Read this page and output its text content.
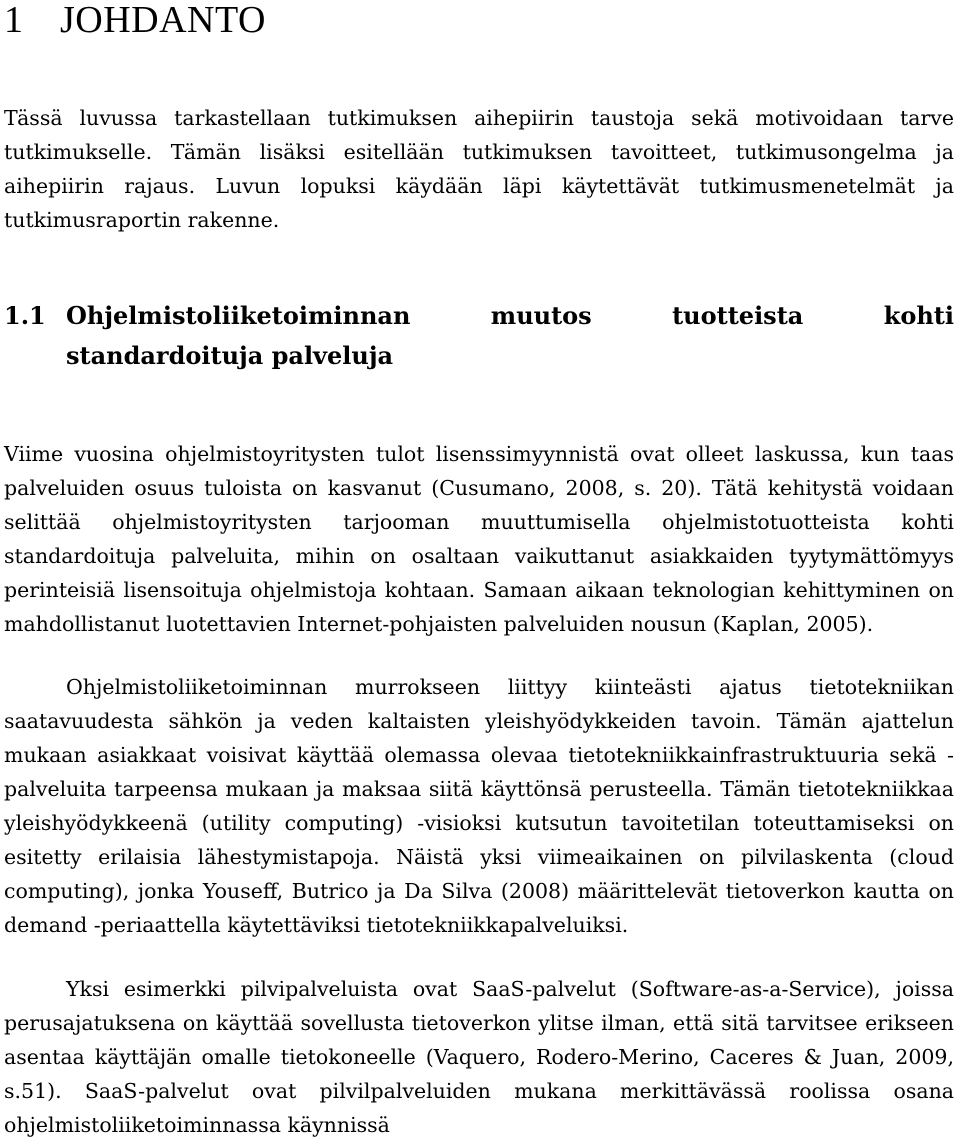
1 JOHDANTO

Tässä luvussa tarkastellaan tutkimuksen aihepiirin taustoja sekä motivoidaan tarve tutkimukselle. Tämän lisäksi esitellään tutkimuksen tavoitteet, tutkimusongelma ja aihepiirin rajaus. Luvun lopuksi käydään läpi käytettävät tutkimusmenetelmät ja tutkimusraportin rakenne.

1.1 Ohjelmistoliiketoiminnan	muutos	tuotteista	kohti
standardoituja palveluja

Viime vuosina ohjelmistoyritysten tulot lisenssimyynnistä ovat olleet laskussa, kun taas palveluiden osuus tuloista on kasvanut (Cusumano, 2008, s. 20). Tätä kehitystä voidaan selittää ohjelmistoyritysten tarjooman muuttumisella ohjelmistotuotteista kohti standardoituja palveluita, mihin on osaltaan vaikuttanut asiakkaiden tyytymättömyys perinteisiä lisensoituja ohjelmistoja kohtaan. Samaan aikaan teknologian kehittyminen on mahdollistanut luotettavien Internet-pohjaisten palveluiden nousun (Kaplan, 2005).

Ohjelmistoliiketoiminnan murrokseen liittyy kiinteästi ajatus tietotekniikan saatavuudesta sähkön ja veden kaltaisten yleishyödykkeiden tavoin. Tämän ajattelun mukaan asiakkaat voisivat käyttää olemassa olevaa tietotekniikkainfrastruktuuria sekä -palveluita tarpeensa mukaan ja maksaa siitä käyttönsä perusteella. Tämän tietotekniikkaa yleishyödykkeenä (utility computing) -visioksi kutsutun tavoitetilan toteuttamiseksi on esitetty erilaisia lähestymistapoja. Näistä yksi viimeaikainen on pilvilaskenta (cloud computing), jonka Youseff, Butrico ja Da Silva (2008) määrittelevät tietoverkon kautta on demand -periaattella käytettäviksi tietotekniikkapalveluiksi.

Yksi esimerkki pilvipalveluista ovat SaaS-palvelut (Software-as-a-Service), joissa perusajatuksena on käyttää sovellusta tietoverkon ylitse ilman, että sitä tarvitsee erikseen asentaa käyttäjän omalle tietokoneelle (Vaquero, Rodero-Merino, Caceres & Juan, 2009, s.51). SaaS-palvelut ovat pilvilpalveluiden mukana merkittävässä roolissa osana ohjelmistoliiketoiminnassa käynnissä
